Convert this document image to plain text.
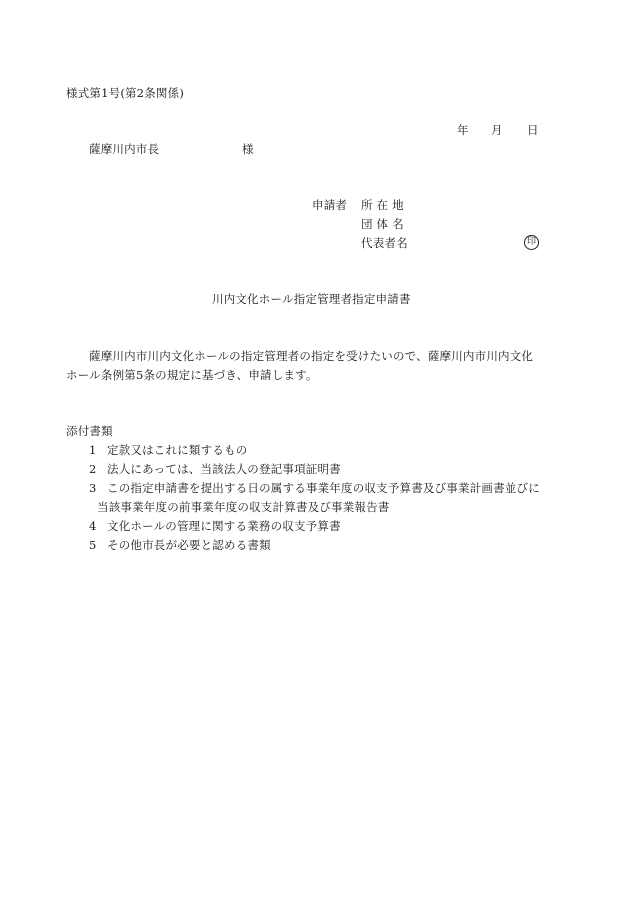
様式第1号(第2条関係)
年 月 日
薩摩川内市長	様
申請者 所 在 地
団 体 名
代表者名	印
川内文化ホール指定管理者指定申請書
薩摩川内市川内文化ホールの指定管理者の指定を受けたいので、薩摩川内市川内文化
ホール条例第5条の規定に基づき、申請します。
添付書類
1 定款又はこれに類するもの
2 法人にあっては、当該法人の登記事項証明書
3 この指定申請書を提出する日の属する事業年度の収支予算書及び事業計画書並びに
当該事業年度の前事業年度の収支計算書及び事業報告書
4 文化ホールの管理に関する業務の収支予算書
5 その他市長が必要と認める書類
